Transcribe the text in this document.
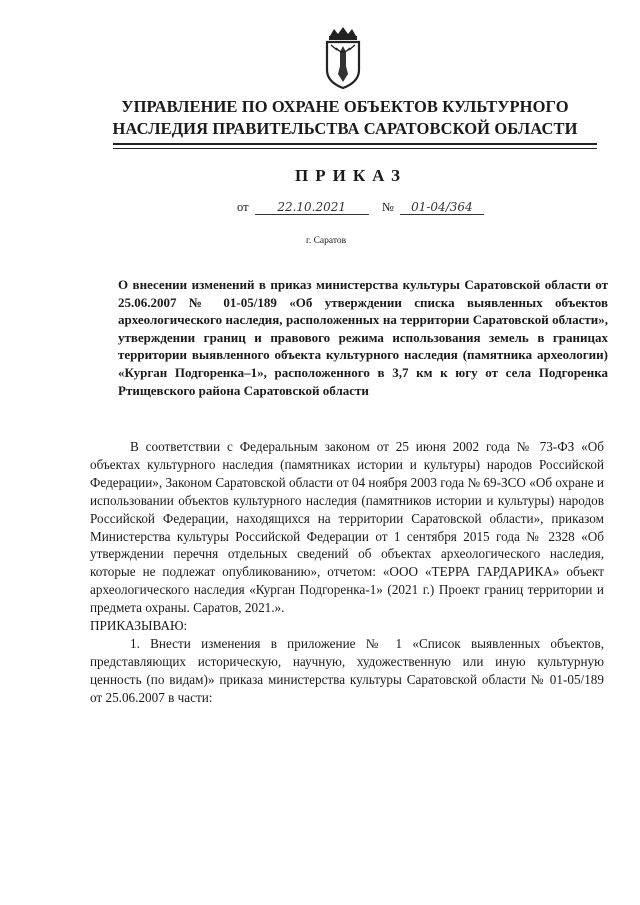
УПРАВЛЕНИЕ ПО ОХРАНЕ ОБЪЕКТОВ КУЛЬТУРНОГО
НАСЛЕДИЯ ПРАВИТЕЛЬСТВА САРАТОВСКОЙ ОБЛАСТИ
ПРИКАЗ
от 22.10.2021	№ 01-04/364
г. Саратов
О внесении изменений в приказ министерства культуры Саратовской области от 25.06.2007 № 01-05/189 «Об утверждении списка выявленных объектов археологического наследия, расположенных на территории Саратовской области», утверждении границ и правового режима использования земель в границах территории выявленного объекта культурного наследия (памятника археологии) «Курган Подгоренка–1», расположенного в 3,7 км к югу от села Подгоренка Ртищевского района Саратовской области

В соответствии с Федеральным законом от 25 июня 2002 года № 73-ФЗ «Об объектах культурного наследия (памятниках истории и культуры) народов Российской Федерации», Законом Саратовской области от 04 ноября 2003 года № 69-ЗСО «Об охране и использовании объектов культурного наследия (памятников истории и культуры) народов Российской Федерации, находящихся на территории Саратовской области», приказом Министерства культуры Российской Федерации от 1 сентября 2015 года № 2328 «Об утверждении перечня отдельных сведений об объектах археологического наследия, которые не подлежат опубликованию», отчетом: «ООО «ТЕРРА ГАРДАРИКА» объект археологического наследия «Курган Подгоренка-1» (2021 г.) Проект границ территории и предмета охраны. Саратов, 2021.».

ПРИКАЗЫВАЮ:

1. Внести изменения в приложение № 1 «Список выявленных объектов, представляющих историческую, научную, художественную или иную культурную ценность (по видам)» приказа министерства культуры Саратовской области № 01-05/189 от 25.06.2007 в части:
